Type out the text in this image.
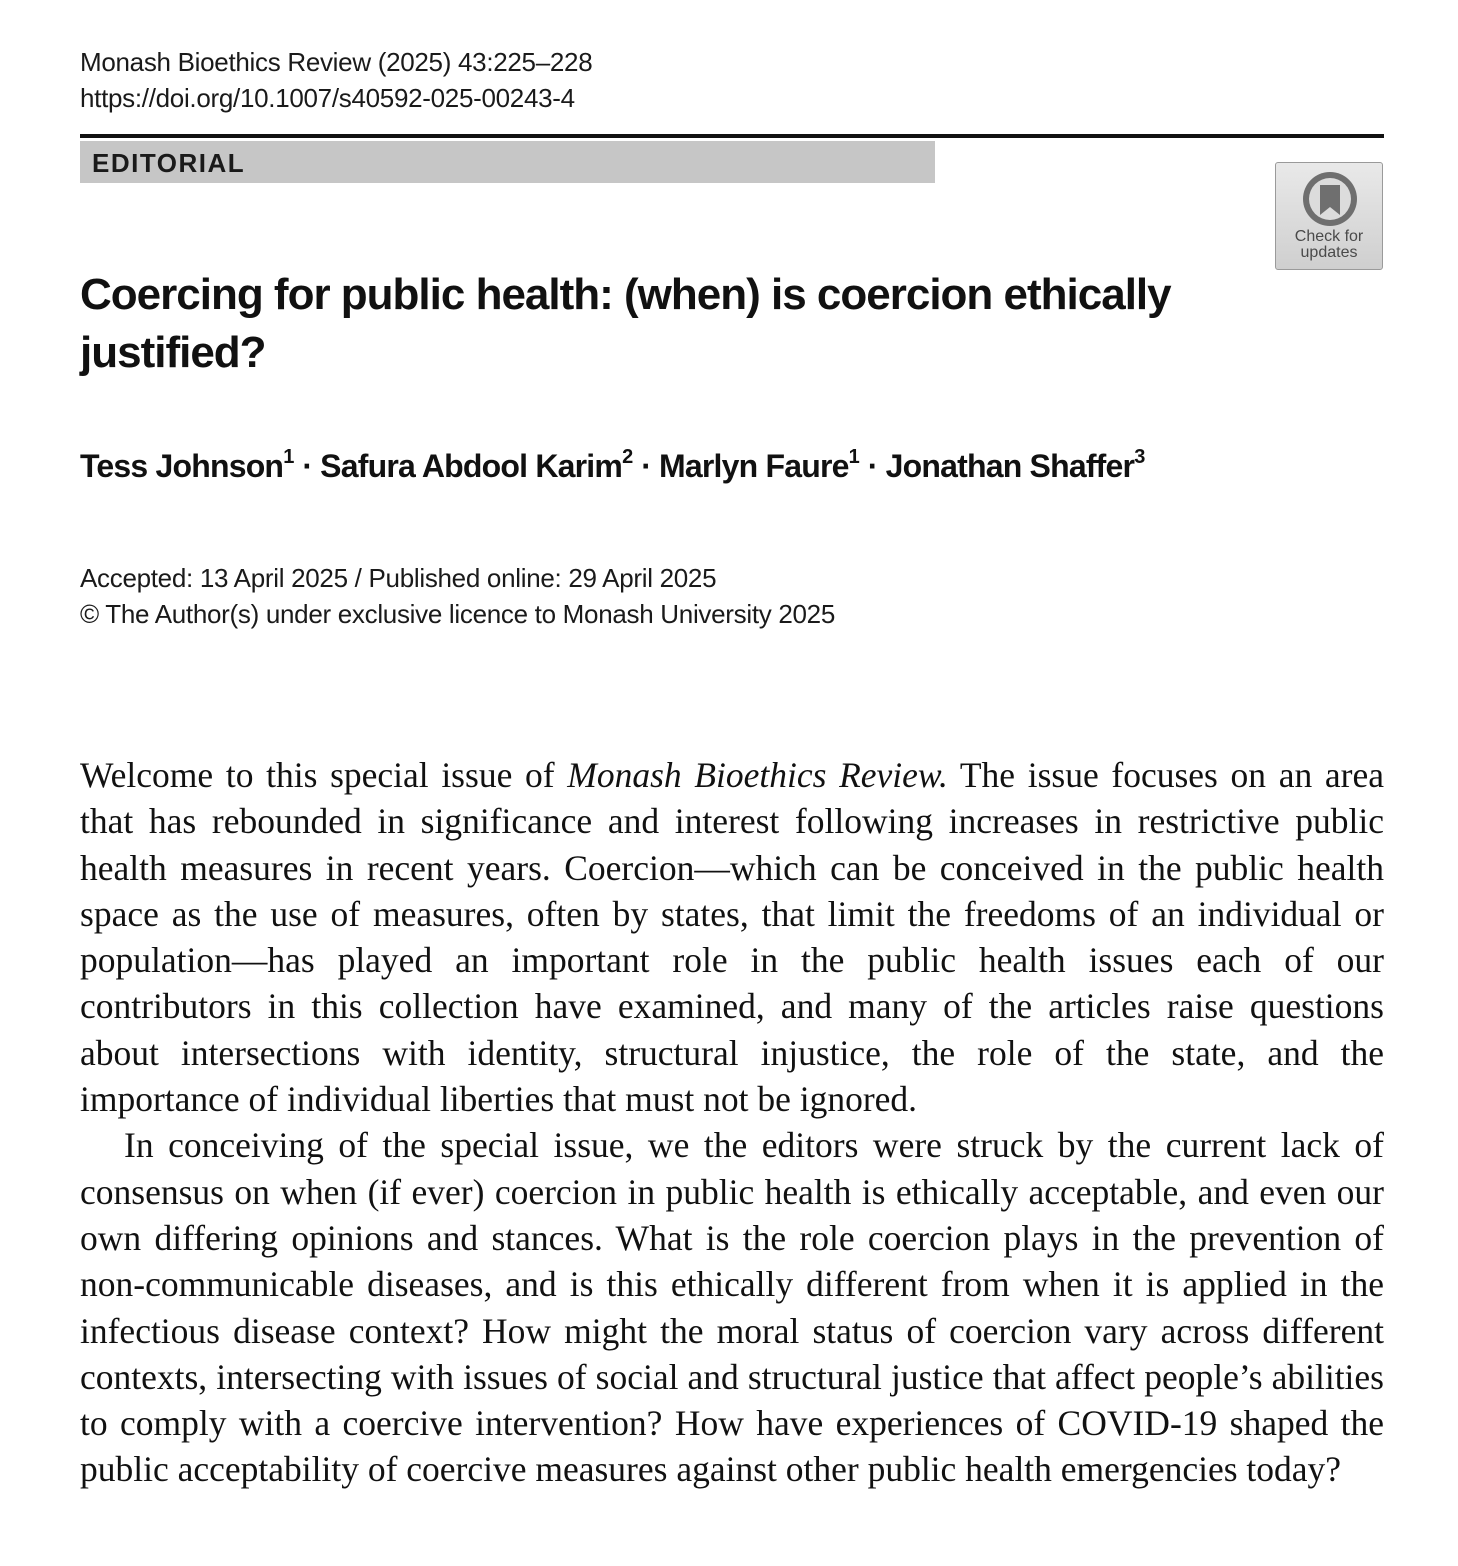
Monash Bioethics Review (2025) 43:225–228
https://doi.org/10.1007/s40592-025-00243-4
EDITORIAL
Check for
updates
Coercing for public health: (when) is coercion ethically justified?
Tess Johnson$^1$ · Safura Abdool Karim$^2$ · Marlyn Faure$^1$ · Jonathan Shaffer$^3$
Accepted: 13 April 2025 / Published online: 29 April 2025
© The Author(s) under exclusive licence to Monash University 2025

Welcome to this special issue of Monash Bioethics Review. The issue focuses on an area that has rebounded in significance and interest following increases in restrictive public health measures in recent years. Coercion—which can be conceived in the public health space as the use of measures, often by states, that limit the freedoms of an individual or population—has played an important role in the public health issues each of our contributors in this collection have examined, and many of the articles raise questions about intersections with identity, structural injustice, the role of the state, and the importance of individual liberties that must not be ignored.

In conceiving of the special issue, we the editors were struck by the current lack of consensus on when (if ever) coercion in public health is ethically acceptable, and even our own differing opinions and stances. What is the role coercion plays in the prevention of non-communicable diseases, and is this ethically different from when it is applied in the infectious disease context? How might the moral status of coercion vary across different contexts, intersecting with issues of social and structural justice that affect people’s abilities to comply with a coercive intervention? How have experiences of COVID-19 shaped the public acceptability of coercive measures against other public health emergencies today?
